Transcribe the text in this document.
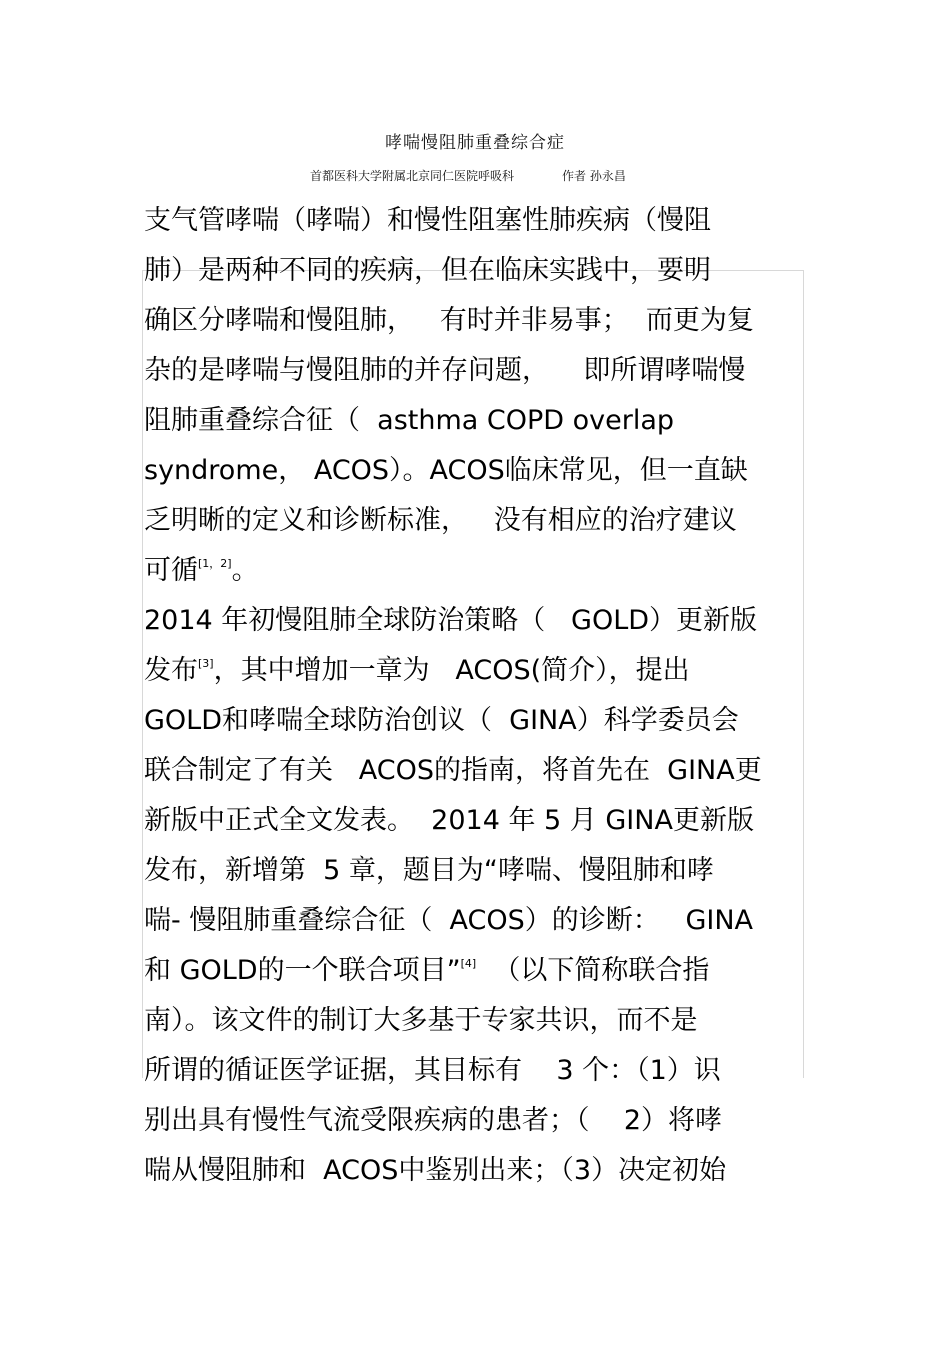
哮喘慢阻肺重叠综合症
首都医科大学附属北京同仁医院呼吸科	作者 孙永昌
支气管哮喘（哮喘）和慢性阻塞性肺疾病（慢阻
肺）是两种不同的疾病，但在临床实践中，要明
确区分哮喘和慢阻肺，   有时并非易事；  而更为复
杂的是哮喘与慢阻肺的并存问题，    即所谓哮喘慢
阻肺重叠综合征（  asthma COPD overlap
syndrome， ACOS）。ACOS临床常见，但一直缺
乏明晰的定义和诊断标准，   没有相应的治疗建议
可循[1，2]。
2014 年初慢阻肺全球防治策略（   GOLD）更新版
发布[3]，其中增加一章为   ACOS(简介），提出
GOLD和哮喘全球防治创议（  GINA）科学委员会
联合制定了有关   ACOS的指南，将首先在  GINA更
新版中正式全文发表。  2014 年 5 月 GINA更新版
发布，新增第  5 章，题目为“哮喘、慢阻肺和哮
喘- 慢阻肺重叠综合征（  ACOS）的诊断：   GINA
和 GOLD的一个联合项目”[4]  （以下简称联合指
南）。该文件的制订大多基于专家共识，而不是
所谓的循证医学证据，其目标有    3 个：（1）识
别出具有慢性气流受限疾病的患者；（    2）将哮
喘从慢阻肺和  ACOS中鉴别出来；（3）决定初始
